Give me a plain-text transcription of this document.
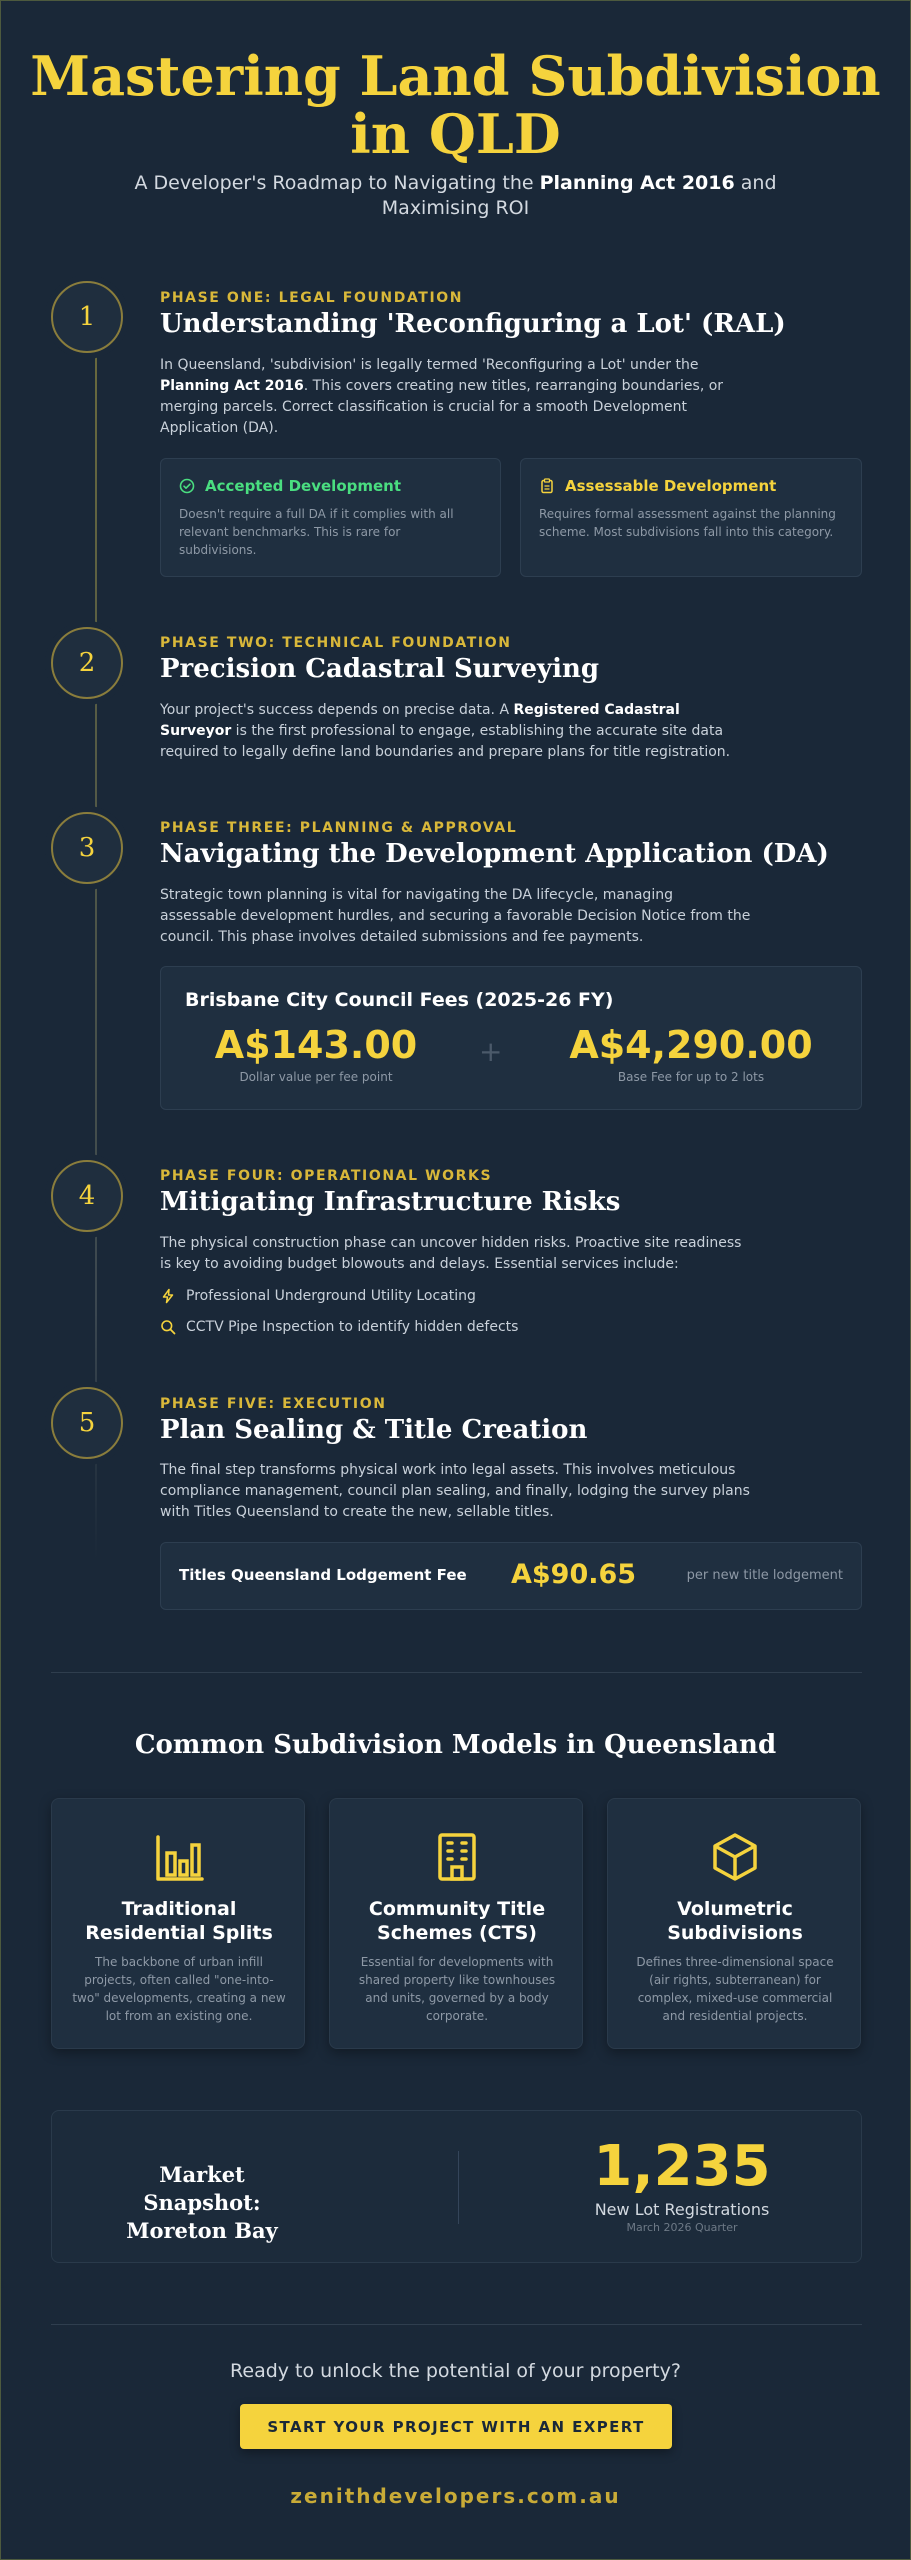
Mastering Land Subdivision in QLD

A Developer's Roadmap to Navigating the Planning Act 2016 and Maximising ROI

1
PHASE ONE: LEGAL FOUNDATION
Understanding 'Reconfiguring a Lot' (RAL)

In Queensland, 'subdivision' is legally termed 'Reconfiguring a Lot' under the Planning Act 2016. This covers creating new titles, rearranging boundaries, or merging parcels. Correct classification is crucial for a smooth Development Application (DA).

Accepted Development

Doesn't require a full DA if it complies with all relevant benchmarks. This is rare for subdivisions.

Assessable Development

Requires formal assessment against the planning scheme. Most subdivisions fall into this category.

2
PHASE TWO: TECHNICAL FOUNDATION
Precision Cadastral Surveying

Your project's success depends on precise data. A Registered Cadastral Surveyor is the first professional to engage, establishing the accurate site data required to legally define land boundaries and prepare plans for title registration.

3
PHASE THREE: PLANNING & APPROVAL
Navigating the Development Application (DA)

Strategic town planning is vital for navigating the DA lifecycle, managing assessable development hurdles, and securing a favorable Decision Notice from the council. This phase involves detailed submissions and fee payments.

Brisbane City Council Fees (2025-26 FY)
A$143.00
Dollar value per fee point
+	A$4,290.00
Base Fee for up to 2 lots
4
PHASE FOUR: OPERATIONAL WORKS
Mitigating Infrastructure Risks

The physical construction phase can uncover hidden risks. Proactive site readiness is key to avoiding budget blowouts and delays. Essential services include:

Professional Underground Utility Locating
CCTV Pipe Inspection to identify hidden defects
5
PHASE FIVE: EXECUTION
Plan Sealing & Title Creation

The final step transforms physical work into legal assets. This involves meticulous compliance management, council plan sealing, and finally, lodging the survey plans with Titles Queensland to create the new, sellable titles.

Titles Queensland Lodgement Fee A$90.65	per new title lodgement
Common Subdivision Models in Queensland
Traditional Residential Splits

The backbone of urban infill projects, often called "one-into-two" developments, creating a new lot from an existing one.

Community Title Schemes (CTS)

Essential for developments with shared property like townhouses and units, governed by a body corporate.

Volumetric Subdivisions

Defines three-dimensional space (air rights, subterranean) for complex, mixed-use commercial and residential projects.

Market Snapshot: Moreton Bay
1,235
New Lot Registrations
March 2026 Quarter

Ready to unlock the potential of your property?

START YOUR PROJECT WITH AN EXPERT
zenithdevelopers.com.au
